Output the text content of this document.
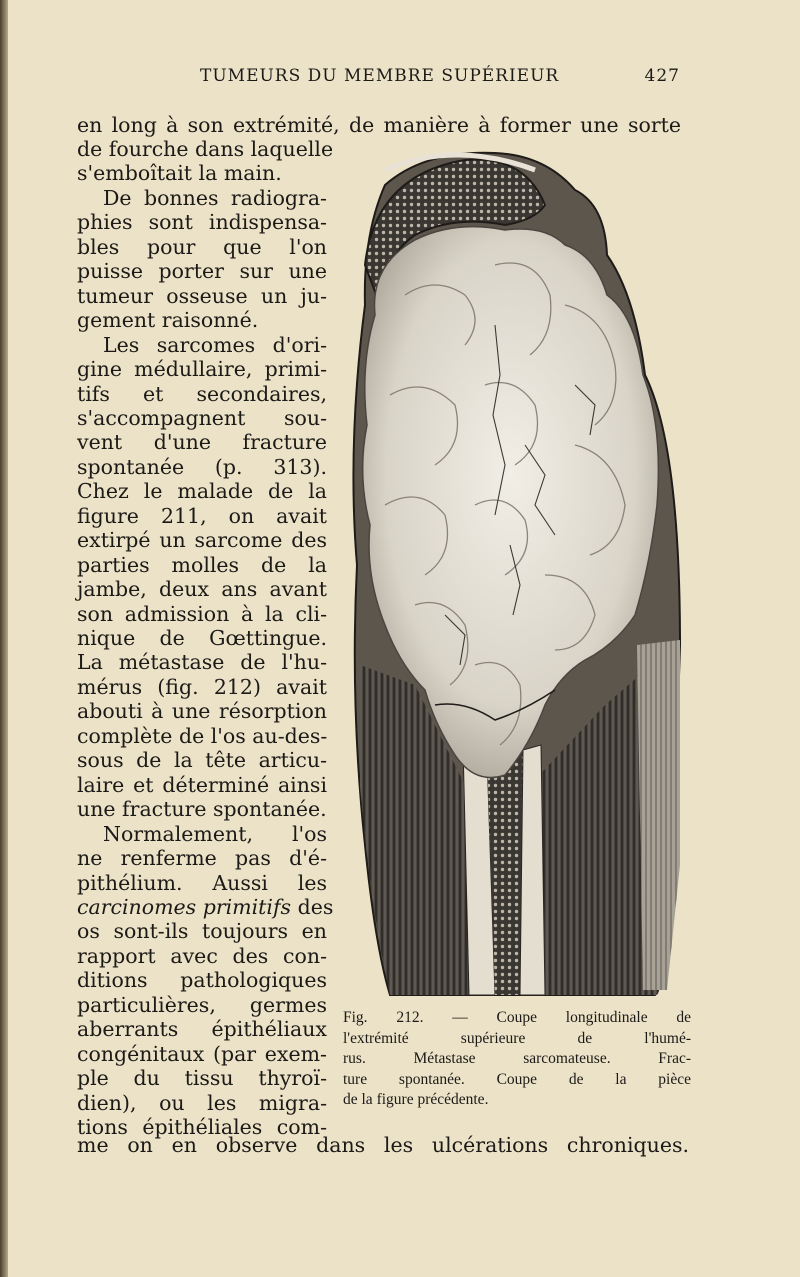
TUMEURS DU MEMBRE SUPÉRIEUR	427
en long à son extrémité, de manière à former une sorte
de fourche dans laquelle
s'emboîtait la main.
De bonnes radiogra-
phies sont indispensa-
bles pour que l'on
puisse porter sur une
tumeur osseuse un ju-
gement raisonné.
Les sarcomes d'ori-
gine médullaire, primi-
tifs et secondaires,
s'accompagnent sou-
vent d'une fracture
spontanée (p. 313).
Chez le malade de la
figure 211, on avait
extirpé un sarcome des
parties molles de la
jambe, deux ans avant
son admission à la cli-
nique de Gœttingue.
La métastase de l'hu-
mérus (fig. 212) avait
abouti à une résorption
complète de l'os au-des-
sous de la tête articu-
laire et déterminé ainsi
une fracture spontanée.
Normalement, l'os
ne renferme pas d'é-
pithélium. Aussi les
carcinomes primitifs des
os sont-ils toujours en
rapport avec des con-
ditions pathologiques
particulières, germes
aberrants épithéliaux
congénitaux (par exem-
ple du tissu thyroï-
dien), ou les migra-
tions épithéliales com-
me on en observe dans les ulcérations chroniques.
Fig. 212. — Coupe longitudinale de
l'extrémité supérieure de l'humé-
rus. Métastase sarcomateuse. Frac-
ture spontanée. Coupe de la pièce
de la figure précédente.
